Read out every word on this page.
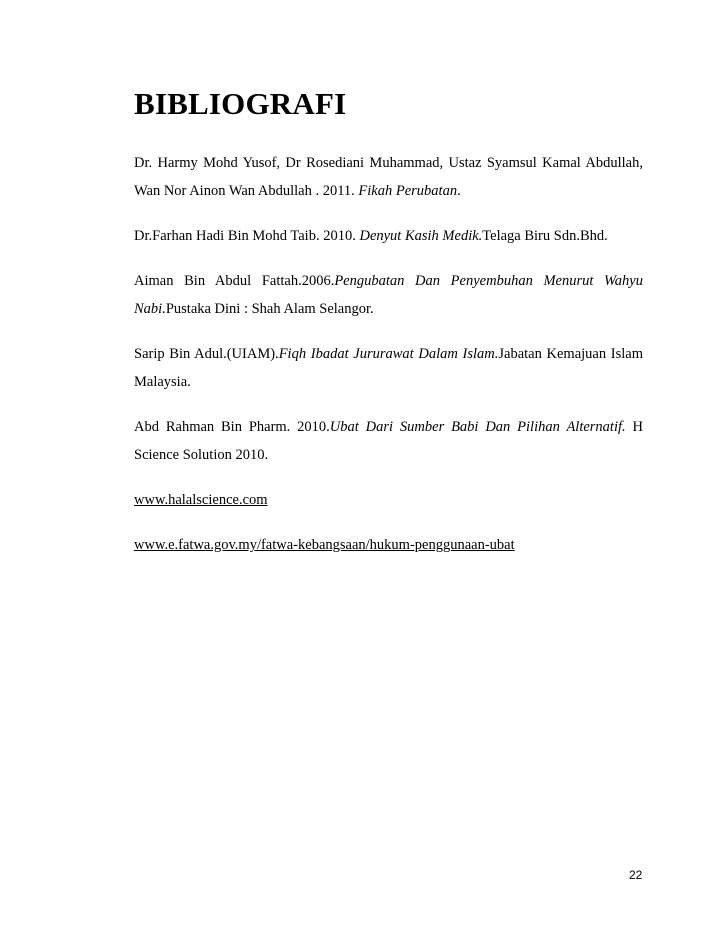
BIBLIOGRAFI

Dr. Harmy Mohd Yusof, Dr Rosediani Muhammad, Ustaz Syamsul Kamal Abdullah, Wan Nor Ainon Wan Abdullah . 2011. Fikah Perubatan.

Dr.Farhan Hadi Bin Mohd Taib. 2010. Denyut Kasih Medik.Telaga Biru Sdn.Bhd.

Aiman Bin Abdul Fattah.2006.Pengubatan Dan Penyembuhan Menurut Wahyu Nabi.Pustaka Dini : Shah Alam Selangor.

Sarip Bin Adul.(UIAM).Fiqh Ibadat Jururawat Dalam Islam.Jabatan Kemajuan Islam Malaysia.

Abd Rahman Bin Pharm. 2010.Ubat Dari Sumber Babi Dan Pilihan Alternatif. H Science Solution 2010.

www.halalscience.com

www.e.fatwa.gov.my/fatwa-kebangsaan/hukum-penggunaan-ubat

22
